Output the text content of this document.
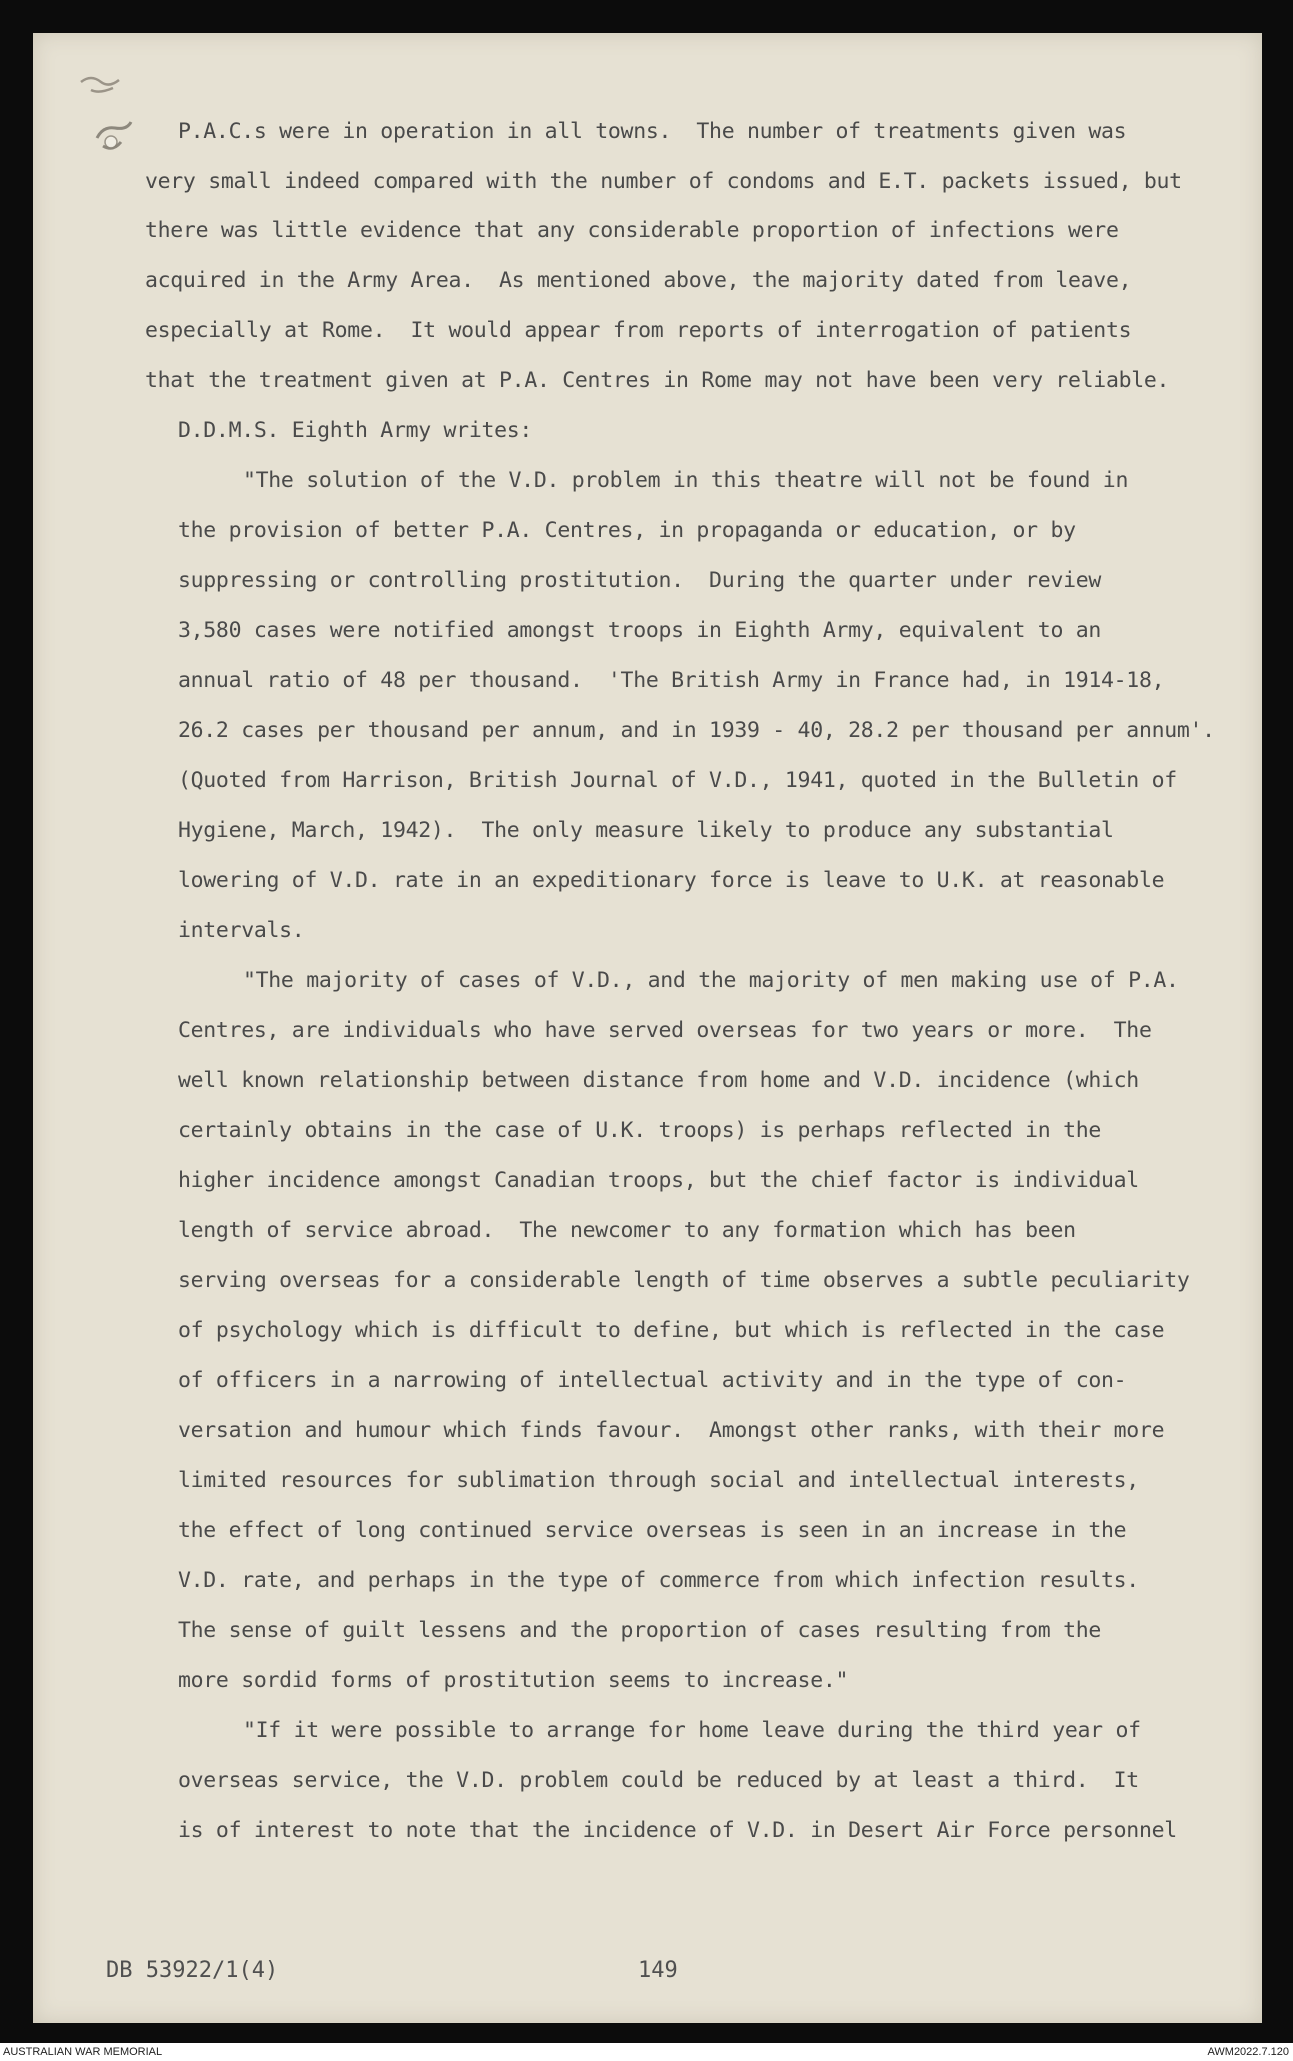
P.A.C.s were in operation in all towns.  The number of treatments given was
very small indeed compared with the number of condoms and E.T. packets issued, but
there was little evidence that any considerable proportion of infections were
acquired in the Army Area.  As mentioned above, the majority dated from leave,
especially at Rome.  It would appear from reports of interrogation of patients
that the treatment given at P.A. Centres in Rome may not have been very reliable.
D.D.M.S. Eighth Army writes:
"The solution of the V.D. problem in this theatre will not be found in
the provision of better P.A. Centres, in propaganda or education, or by
suppressing or controlling prostitution.  During the quarter under review
3,580 cases were notified amongst troops in Eighth Army, equivalent to an
annual ratio of 48 per thousand.  'The British Army in France had, in 1914-18,
26.2 cases per thousand per annum, and in 1939 - 40, 28.2 per thousand per annum'.
(Quoted from Harrison, British Journal of V.D., 1941, quoted in the Bulletin of
Hygiene, March, 1942).  The only measure likely to produce any substantial
lowering of V.D. rate in an expeditionary force is leave to U.K. at reasonable
intervals.
"The majority of cases of V.D., and the majority of men making use of P.A.
Centres, are individuals who have served overseas for two years or more.  The
well known relationship between distance from home and V.D. incidence (which
certainly obtains in the case of U.K. troops) is perhaps reflected in the
higher incidence amongst Canadian troops, but the chief factor is individual
length of service abroad.  The newcomer to any formation which has been
serving overseas for a considerable length of time observes a subtle peculiarity
of psychology which is difficult to define, but which is reflected in the case
of officers in a narrowing of intellectual activity and in the type of con-
versation and humour which finds favour.  Amongst other ranks, with their more
limited resources for sublimation through social and intellectual interests,
the effect of long continued service overseas is seen in an increase in the
V.D. rate, and perhaps in the type of commerce from which infection results.
The sense of guilt lessens and the proportion of cases resulting from the
more sordid forms of prostitution seems to increase."
"If it were possible to arrange for home leave during the third year of
overseas service, the V.D. problem could be reduced by at least a third.  It
is of interest to note that the incidence of V.D. in Desert Air Force personnel
DB 53922/1(4)	149
AUSTRALIAN WAR MEMORIAL	AWM2022.7.120
